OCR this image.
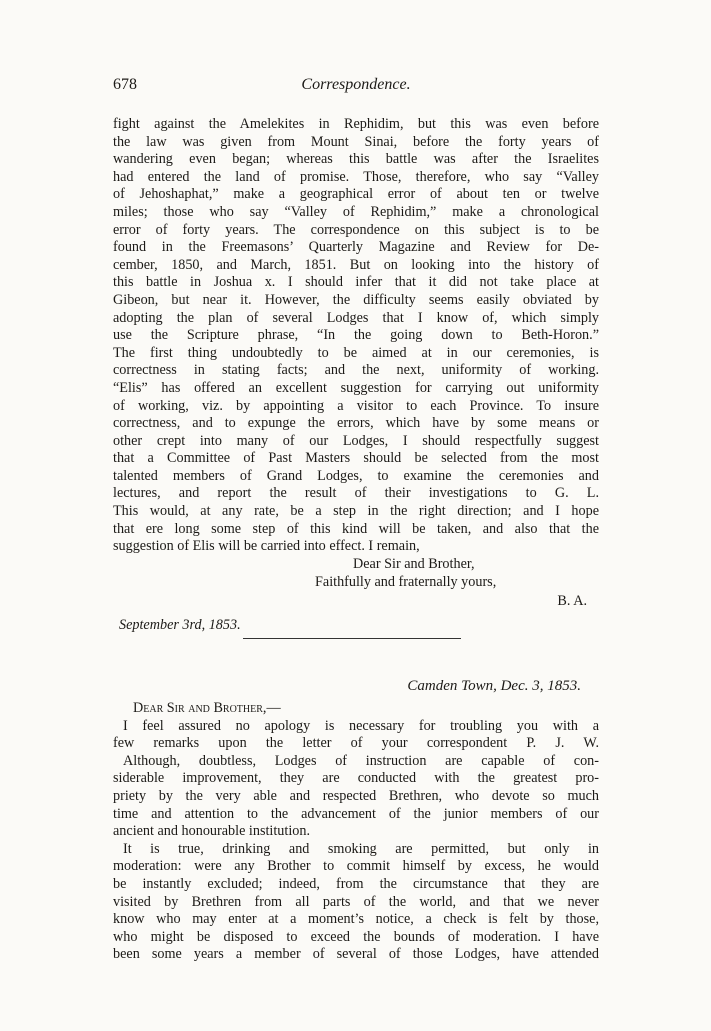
678	Correspondence.
fight against the Amelekites in Rephidim, but this was even before
the law was given from Mount Sinai, before the forty years of
wandering even began; whereas this battle was after the Israelites
had entered the land of promise. Those, therefore, who say “Valley
of Jehoshaphat,” make a geographical error of about ten or twelve
miles; those who say “Valley of Rephidim,” make a chronological
error of forty years. The correspondence on this subject is to be
found in the Freemasons’ Quarterly Magazine and Review for De-
cember, 1850, and March, 1851. But on looking into the history of
this battle in Joshua x. I should infer that it did not take place at
Gibeon, but near it. However, the difficulty seems easily obviated by
adopting the plan of several Lodges that I know of, which simply
use the Scripture phrase, “In the going down to Beth-Horon.”
The first thing undoubtedly to be aimed at in our ceremonies, is
correctness in stating facts; and the next, uniformity of working.
“Elis” has offered an excellent suggestion for carrying out uniformity
of working, viz. by appointing a visitor to each Province. To insure
correctness, and to expunge the errors, which have by some means or
other crept into many of our Lodges, I should respectfully suggest
that a Committee of Past Masters should be selected from the most
talented members of Grand Lodges, to examine the ceremonies and
lectures, and report the result of their investigations to G. L.
This would, at any rate, be a step in the right direction; and I hope
that ere long some step of this kind will be taken, and also that the
suggestion of Elis will be carried into effect. I remain,
Dear Sir and Brother,
Faithfully and fraternally yours,
B. A.
September 3rd, 1853.
Camden Town, Dec. 3, 1853.
Dear Sir and Brother,—
I feel assured no apology is necessary for troubling you with a
few remarks upon the letter of your correspondent P. J. W.
Although, doubtless, Lodges of instruction are capable of con-
siderable improvement, they are conducted with the greatest pro-
priety by the very able and respected Brethren, who devote so much
time and attention to the advancement of the junior members of our
ancient and honourable institution.
It is true, drinking and smoking are permitted, but only in
moderation: were any Brother to commit himself by excess, he would
be instantly excluded; indeed, from the circumstance that they are
visited by Brethren from all parts of the world, and that we never
know who may enter at a moment’s notice, a check is felt by those,
who might be disposed to exceed the bounds of moderation. I have
been some years a member of several of those Lodges, have attended
